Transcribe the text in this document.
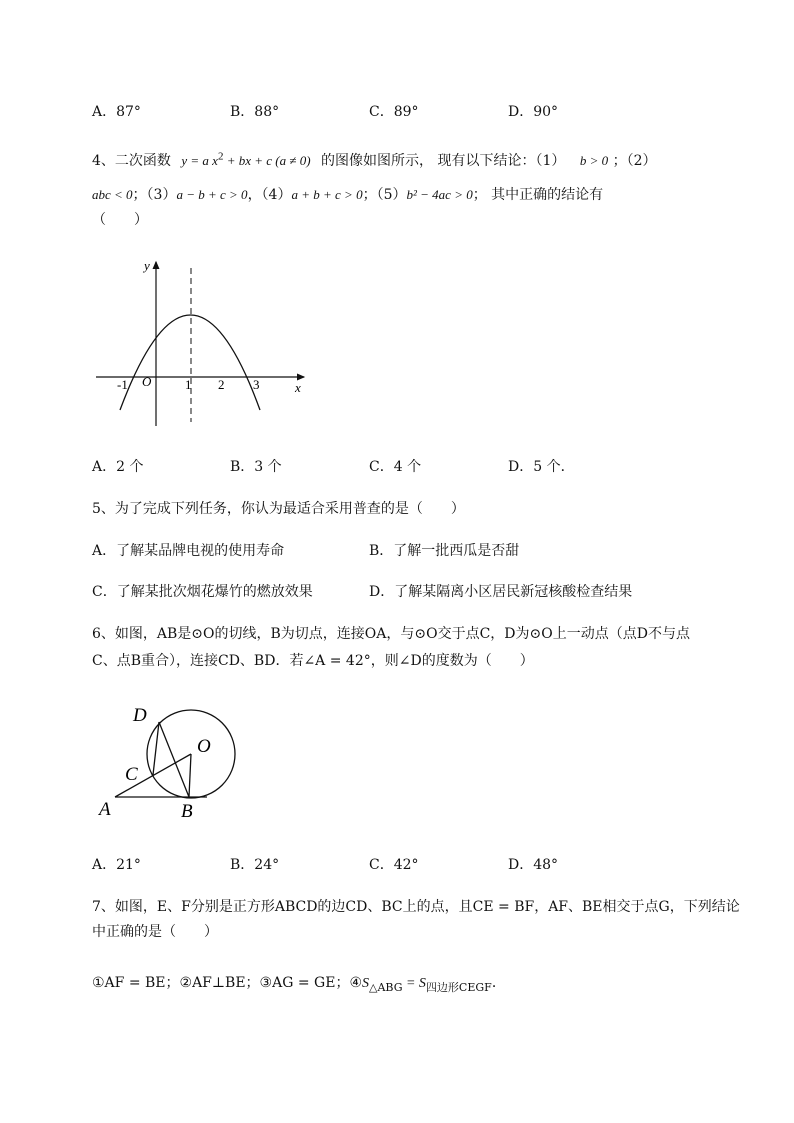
A．87°	B．88°	C．89°	D．90°
4、二次函数 y = a $x^2$ + bx + c (a ≠ 0) 的图像如图所示， 现有以下结论：（1） b > 0 ；（2）
abc < 0；（3）a − b + c > 0，（4）a + b + c > 0；（5）b² − 4ac > 0； 其中正确的结论有
（　　）
y
x
O
-1	1 2 3
A．2 个	B．3 个	C．4 个	D．5 个．
5、为了完成下列任务，你认为最适合采用普查的是（　　）
A．了解某品牌电视的使用寿命	B．了解一批西瓜是否甜
C．了解某批次烟花爆竹的燃放效果	D．了解某隔离小区居民新冠核酸检查结果
6、如图，AB是⊙O的切线，B为切点，连接OA，与⊙O交于点C，D为⊙O上一动点（点D不与点
C、点B重合），连接CD、BD．若∠A = 42°，则∠D的度数为（　　）
D
O
C
A	B
A．21°	B．24°	C．42°	D．48°
7、如图，E、F分别是正方形ABCD的边CD、BC上的点，且CE = BF，AF、BE相交于点G，下列结论
中正确的是（　　）
①AF = BE；②AF⊥BE；③AG = GE；$④S_{\triangle ABG} = S_{四边形CEGF}$．
